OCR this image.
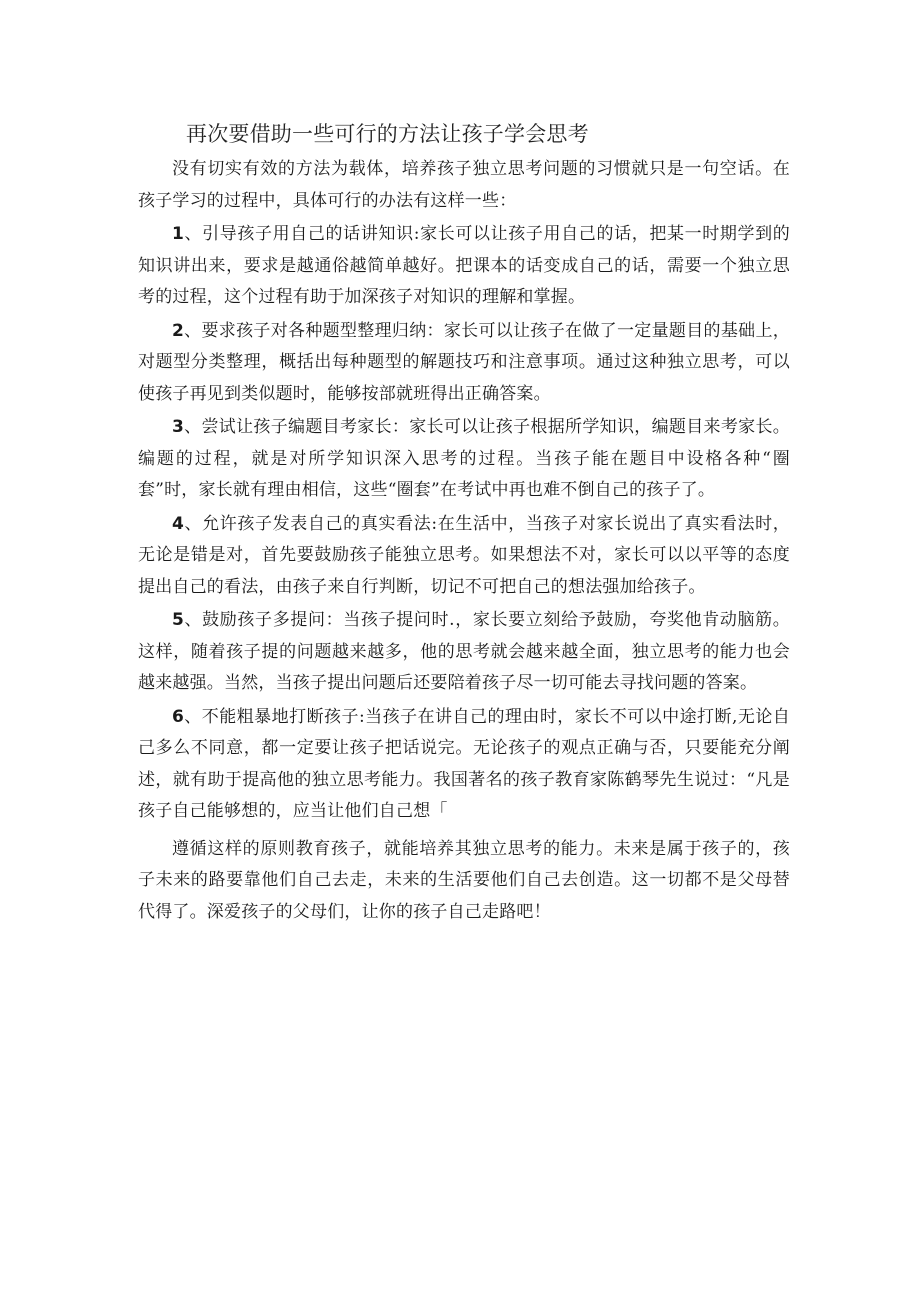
再次要借助一些可行的方法让孩子学会思考

没有切实有效的方法为载体，培养孩子独立思考问题的习惯就只是一句空话。在孩子学习的过程中，具体可行的办法有这样一些：

1、引导孩子用自己的话讲知识:家长可以让孩子用自己的话，把某一时期学到的知识讲出来，要求是越通俗越简单越好。把课本的话变成自己的话，需要一个独立思考的过程，这个过程有助于加深孩子对知识的理解和掌握。

2、要求孩子对各种题型整理归纳：家长可以让孩子在做了一定量题目的基础上，对题型分类整理，概括出每种题型的解题技巧和注意事项。通过这种独立思考，可以使孩子再见到类似题时，能够按部就班得出正确答案。

3、尝试让孩子编题目考家长：家长可以让孩子根据所学知识，编题目来考家长。编题的过程，就是对所学知识深入思考的过程。当孩子能在题目中设格各种“圈套”时，家长就有理由相信，这些“圈套”在考试中再也难不倒自己的孩子了。

4、允许孩子发表自己的真实看法:在生活中，当孩子对家长说出了真实看法时，无论是错是对，首先要鼓励孩子能独立思考。如果想法不对，家长可以以平等的态度提出自己的看法，由孩子来自行判断，切记不可把自己的想法强加给孩子。

5、鼓励孩子多提问：当孩子提问时.，家长要立刻给予鼓励，夸奖他肯动脑筋。这样，随着孩子提的问题越来越多，他的思考就会越来越全面，独立思考的能力也会越来越强。当然，当孩子提出问题后还要陪着孩子尽一切可能去寻找问题的答案。

6、不能粗暴地打断孩子:当孩子在讲自己的理由时，家长不可以中途打断,无论自己多么不同意，都一定要让孩子把话说完。无论孩子的观点正确与否，只要能充分阐述，就有助于提高他的独立思考能力。我国著名的孩子教育家陈鹤琴先生说过：“凡是孩子自己能够想的，应当让他们自己想「

遵循这样的原则教育孩子，就能培养其独立思考的能力。未来是属于孩子的，孩子未来的路要靠他们自己去走，未来的生活要他们自己去创造。这一切都不是父母替代得了。深爱孩子的父母们，让你的孩子自己走路吧！
